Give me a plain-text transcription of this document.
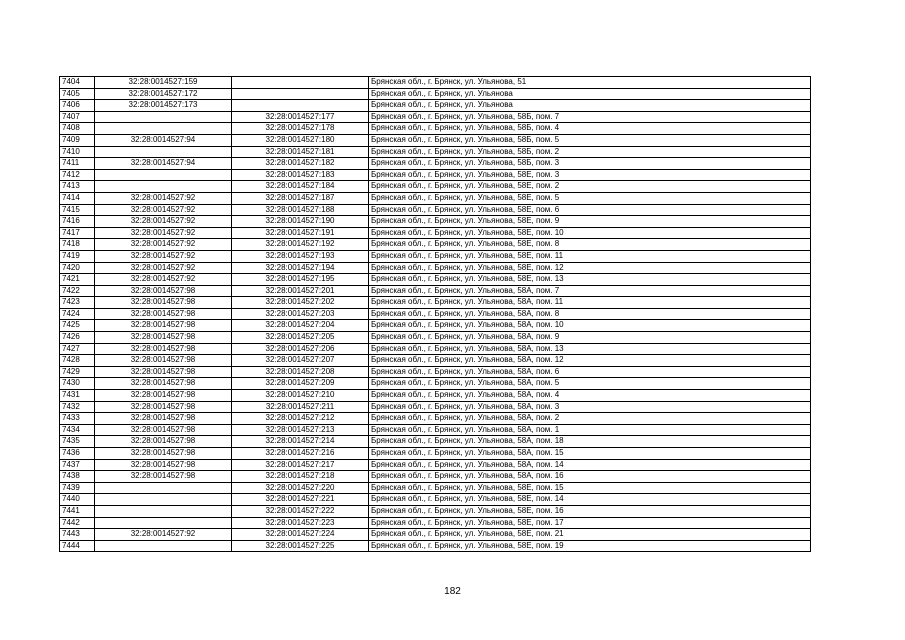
7404	32:28:0014527:159		Брянская обл., г. Брянск, ул. Ульянова, 51
7405	32:28:0014527:172		Брянская обл., г. Брянск, ул. Ульянова
7406	32:28:0014527:173		Брянская обл., г. Брянск, ул. Ульянова
7407		32:28:0014527:177	Брянская обл., г. Брянск, ул. Ульянова, 58Б, пом. 7
7408		32:28:0014527:178	Брянская обл., г. Брянск, ул. Ульянова, 58Б, пом. 4
7409	32:28:0014527:94	32:28:0014527:180	Брянская обл., г. Брянск, ул. Ульянова, 58Б, пом. 5
7410		32:28:0014527:181	Брянская обл., г. Брянск, ул. Ульянова, 58Б, пом. 2
7411	32:28:0014527:94	32:28:0014527:182	Брянская обл., г. Брянск, ул. Ульянова, 58Б, пом. 3
7412		32:28:0014527:183	Брянская обл., г. Брянск, ул. Ульянова, 58Е, пом. 3
7413		32:28:0014527:184	Брянская обл., г. Брянск, ул. Ульянова, 58Е, пом. 2
7414	32:28:0014527:92	32:28:0014527:187	Брянская обл., г. Брянск, ул. Ульянова, 58Е, пом. 5
7415	32:28:0014527:92	32:28:0014527:188	Брянская обл., г. Брянск, ул. Ульянова, 58Е, пом. 6
7416	32:28:0014527:92	32:28:0014527:190	Брянская обл., г. Брянск, ул. Ульянова, 58Е, пом. 9
7417	32:28:0014527:92	32:28:0014527:191	Брянская обл., г. Брянск, ул. Ульянова, 58Е, пом. 10
7418	32:28:0014527:92	32:28:0014527:192	Брянская обл., г. Брянск, ул. Ульянова, 58Е, пом. 8
7419	32:28:0014527:92	32:28:0014527:193	Брянская обл., г. Брянск, ул. Ульянова, 58Е, пом. 11
7420	32:28:0014527:92	32:28:0014527:194	Брянская обл., г. Брянск, ул. Ульянова, 58Е, пом. 12
7421	32:28:0014527:92	32:28:0014527:195	Брянская обл., г. Брянск, ул. Ульянова, 58Е, пом. 13
7422	32:28:0014527:98	32:28:0014527:201	Брянская обл., г. Брянск, ул. Ульянова, 58А, пом. 7
7423	32:28:0014527:98	32:28:0014527:202	Брянская обл., г. Брянск, ул. Ульянова, 58А, пом. 11
7424	32:28:0014527:98	32:28:0014527:203	Брянская обл., г. Брянск, ул. Ульянова, 58А, пом. 8
7425	32:28:0014527:98	32:28:0014527:204	Брянская обл., г. Брянск, ул. Ульянова, 58А, пом. 10
7426	32:28:0014527:98	32:28:0014527:205	Брянская обл., г. Брянск, ул. Ульянова, 58А, пом. 9
7427	32:28:0014527:98	32:28:0014527:206	Брянская обл., г. Брянск, ул. Ульянова, 58А, пом. 13
7428	32:28:0014527:98	32:28:0014527:207	Брянская обл., г. Брянск, ул. Ульянова, 58А, пом. 12
7429	32:28:0014527:98	32:28:0014527:208	Брянская обл., г. Брянск, ул. Ульянова, 58А, пом. 6
7430	32:28:0014527:98	32:28:0014527:209	Брянская обл., г. Брянск, ул. Ульянова, 58А, пом. 5
7431	32:28:0014527:98	32:28:0014527:210	Брянская обл., г. Брянск, ул. Ульянова, 58А, пом. 4
7432	32:28:0014527:98	32:28:0014527:211	Брянская обл., г. Брянск, ул. Ульянова, 58А, пом. 3
7433	32:28:0014527:98	32:28:0014527:212	Брянская обл., г. Брянск, ул. Ульянова, 58А, пом. 2
7434	32:28:0014527:98	32:28:0014527:213	Брянская обл., г. Брянск, ул. Ульянова, 58А, пом. 1
7435	32:28:0014527:98	32:28:0014527:214	Брянская обл., г. Брянск, ул. Ульянова, 58А, пом. 18
7436	32:28:0014527:98	32:28:0014527:216	Брянская обл., г. Брянск, ул. Ульянова, 58А, пом. 15
7437	32:28:0014527:98	32:28:0014527:217	Брянская обл., г. Брянск, ул. Ульянова, 58А, пом. 14
7438	32:28:0014527:98	32:28:0014527:218	Брянская обл., г. Брянск, ул. Ульянова, 58А, пом. 16
7439		32:28:0014527:220	Брянская обл., г. Брянск, ул. Ульянова, 58Е, пом. 15
7440		32:28:0014527:221	Брянская обл., г. Брянск, ул. Ульянова, 58Е, пом. 14
7441		32:28:0014527:222	Брянская обл., г. Брянск, ул. Ульянова, 58Е, пом. 16
7442		32:28:0014527:223	Брянская обл., г. Брянск, ул. Ульянова, 58Е, пом. 17
7443	32:28:0014527:92	32:28:0014527:224	Брянская обл., г. Брянск, ул. Ульянова, 58Е, пом. 21
7444		32:28:0014527:225	Брянская обл., г. Брянск, ул. Ульянова, 58Е, пом. 19
182
